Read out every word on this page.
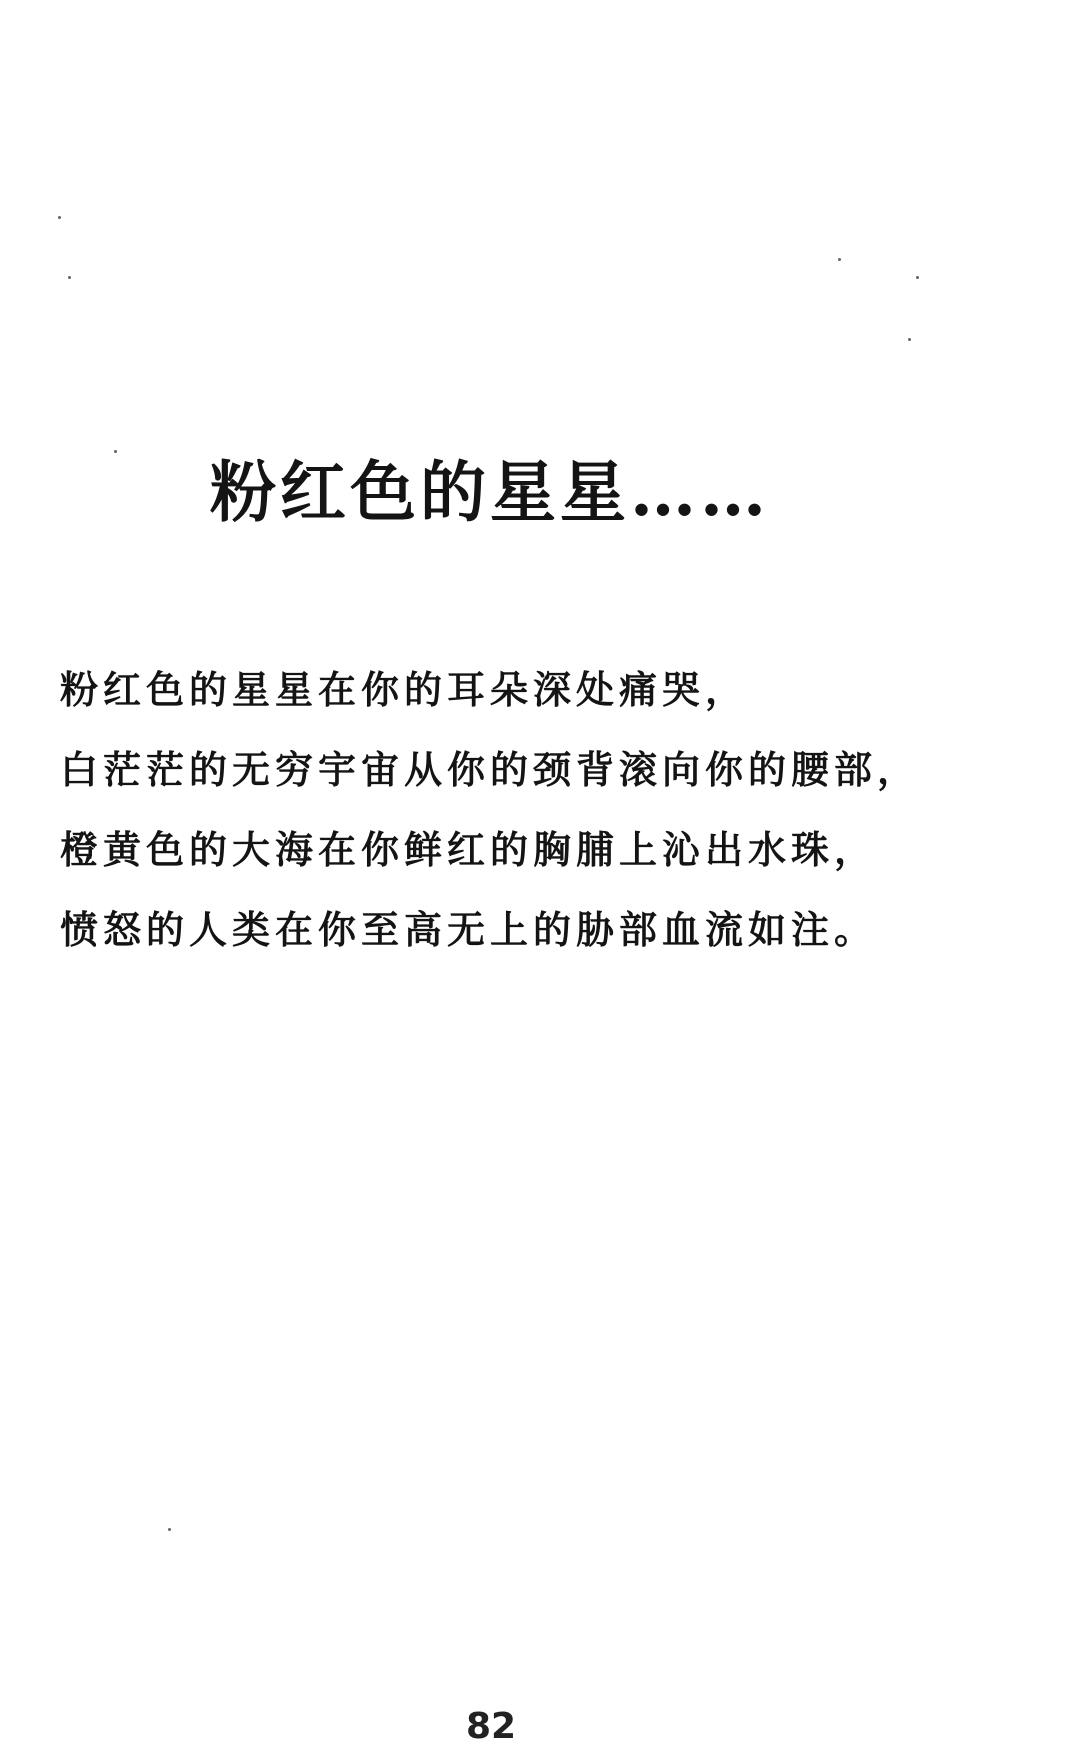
粉红色的星星……
粉红色的星星在你的耳朵深处痛哭，
白茫茫的无穷宇宙从你的颈背滚向你的腰部，
橙黄色的大海在你鲜红的胸脯上沁出水珠，
愤怒的人类在你至高无上的胁部血流如注。
82
